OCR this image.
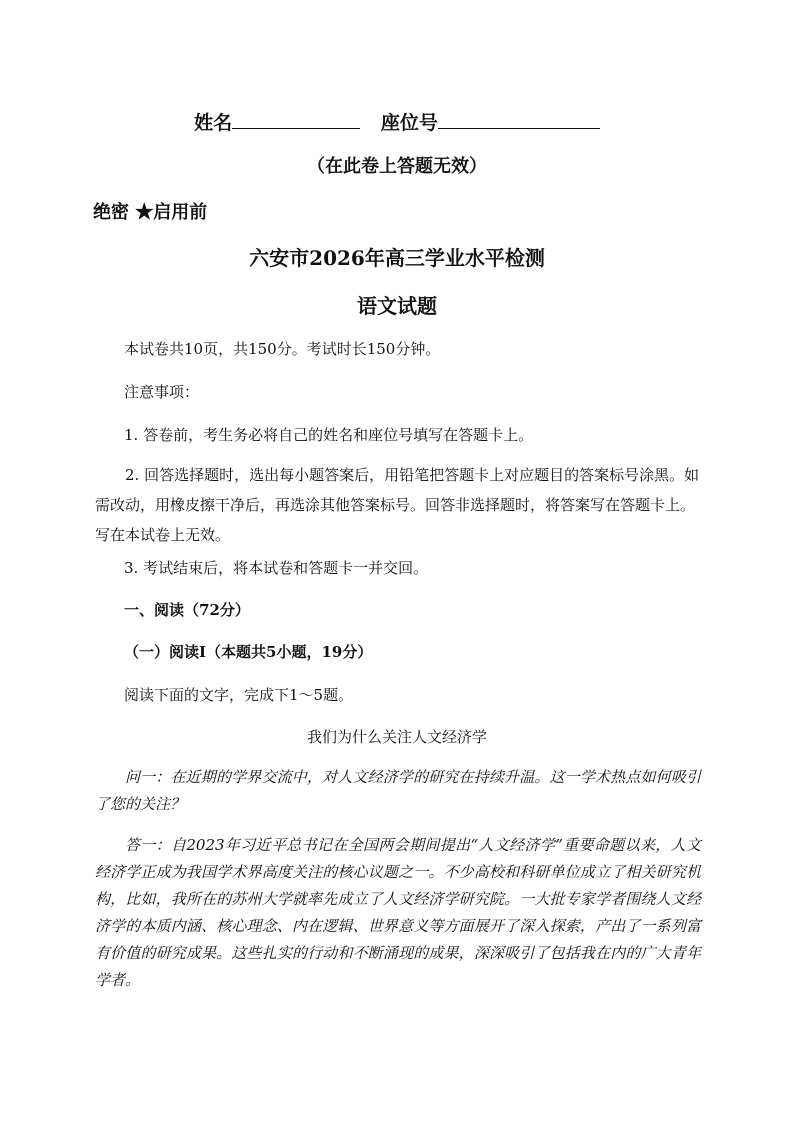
姓名	座位号
（在此卷上答题无效）
绝密 ★启用前
六安市2026年高三学业水平检测
语文试题
本试卷共10页，共150分。考试时长150分钟。
注意事项：
1. 答卷前，考生务必将自己的姓名和座位号填写在答题卡上。
2. 回答选择题时，选出每小题答案后，用铅笔把答题卡上对应题目的答案标号涂黑。如需改动，用橡皮擦干净后，再选涂其他答案标号。回答非选择题时，将答案写在答题卡上。写在本试卷上无效。
3. 考试结束后，将本试卷和答题卡一并交回。
一、阅读（72分）
（一）阅读Ⅰ（本题共5小题，19分）
阅读下面的文字，完成下1～5题。
我们为什么关注人文经济学
问一：在近期的学界交流中，对人文经济学的研究在持续升温。这一学术热点如何吸引了您的关注？
答一：自2023年习近平总书记在全国两会期间提出“人文经济学”重要命题以来，人文经济学正成为我国学术界高度关注的核心议题之一。不少高校和科研单位成立了相关研究机构，比如，我所在的苏州大学就率先成立了人文经济学研究院。一大批专家学者围绕人文经济学的本质内涵、核心理念、内在逻辑、世界意义等方面展开了深入探索，产出了一系列富有价值的研究成果。这些扎实的行动和不断涌现的成果，深深吸引了包括我在内的广大青年学者。
